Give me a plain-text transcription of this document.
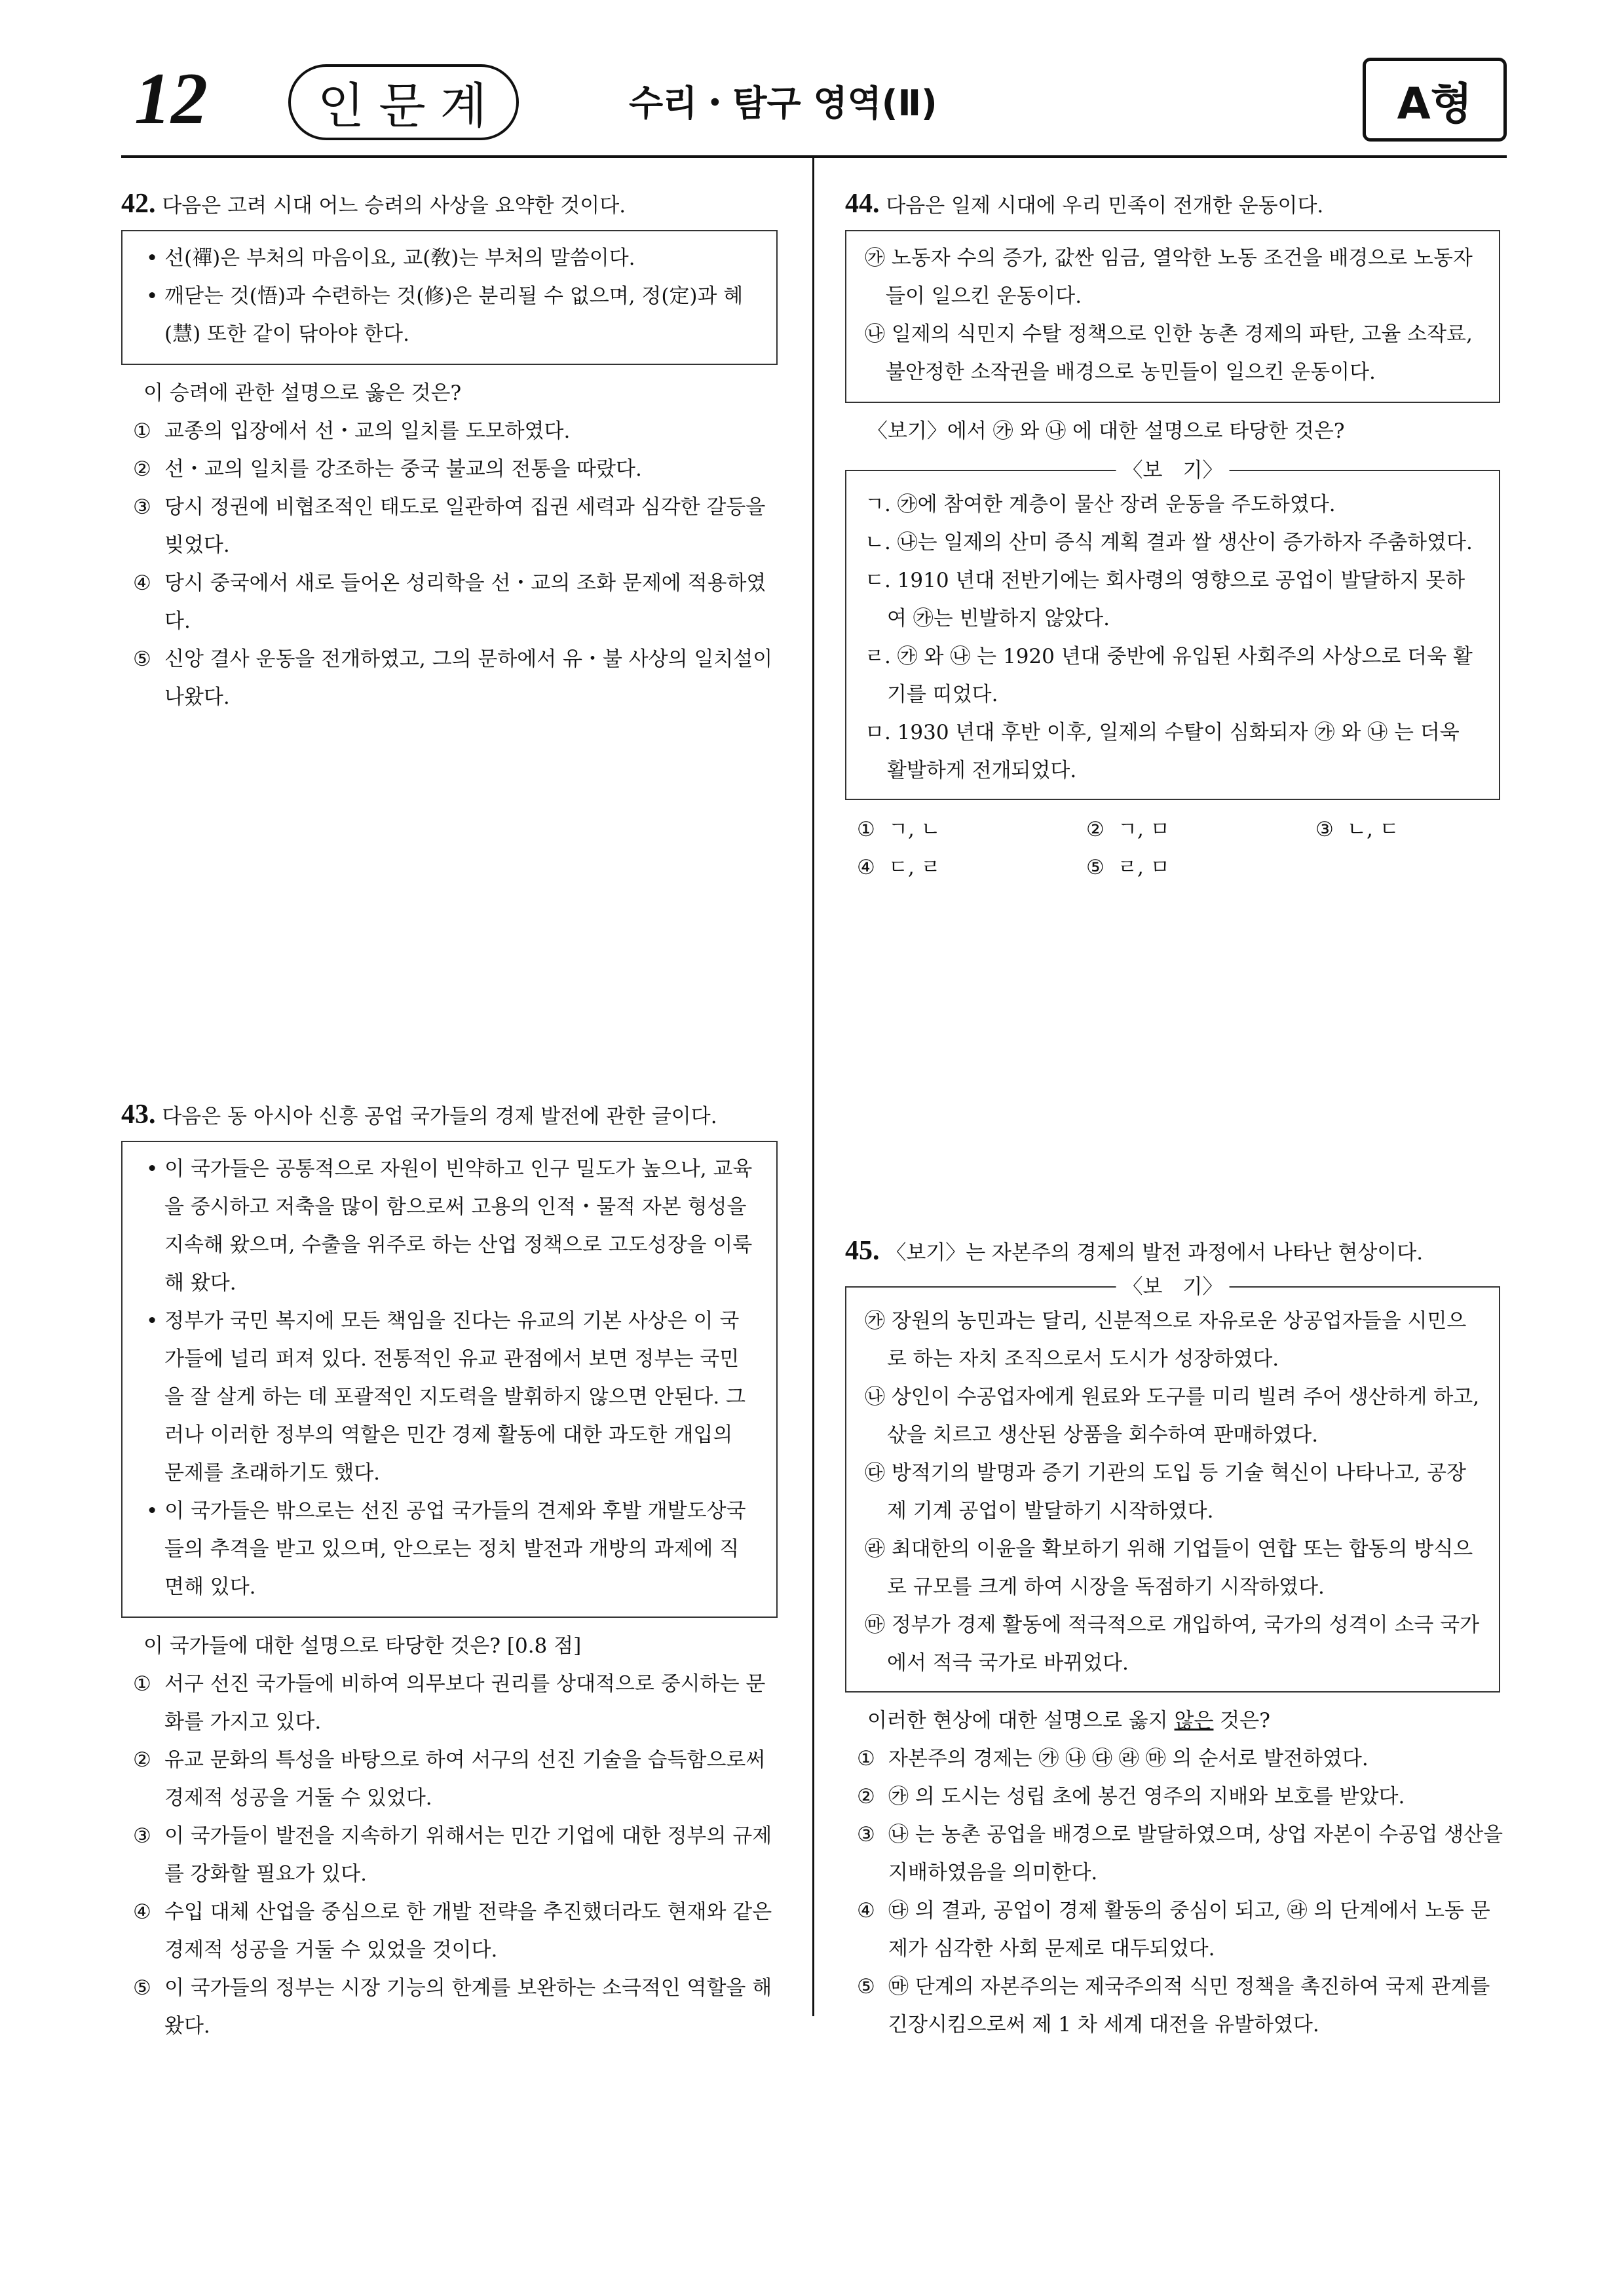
12	인문계	수리・탐구 영역(Ⅱ)	A형
42. 다음은 고려 시대 어느 승려의 사상을 요약한 것이다.
• 선(禪)은 부처의 마음이요, 교(敎)는 부처의 말씀이다.
• 깨닫는 것(悟)과 수련하는 것(修)은 분리될 수 없으며, 정(定)과 혜(慧) 또한 같이 닦아야 한다.
이 승려에 관한 설명으로 옳은 것은?
① 교종의 입장에서 선・교의 일치를 도모하였다.
② 선・교의 일치를 강조하는 중국 불교의 전통을 따랐다.
③ 당시 정권에 비협조적인 태도로 일관하여 집권 세력과 심각한 갈등을 빚었다.
④ 당시 중국에서 새로 들어온 성리학을 선・교의 조화 문제에 적용하였다.
⑤ 신앙 결사 운동을 전개하였고, 그의 문하에서 유・불 사상의 일치설이 나왔다.
43. 다음은 동 아시아 신흥 공업 국가들의 경제 발전에 관한 글이다.
• 이 국가들은 공통적으로 자원이 빈약하고 인구 밀도가 높으나, 교육을 중시하고 저축을 많이 함으로써 고용의 인적・물적 자본 형성을 지속해 왔으며, 수출을 위주로 하는 산업 정책으로 고도성장을 이룩해 왔다.
• 정부가 국민 복지에 모든 책임을 진다는 유교의 기본 사상은 이 국가들에 널리 퍼져 있다. 전통적인 유교 관점에서 보면 정부는 국민을 잘 살게 하는 데 포괄적인 지도력을 발휘하지 않으면 안된다. 그러나 이러한 정부의 역할은 민간 경제 활동에 대한 과도한 개입의 문제를 초래하기도 했다.
• 이 국가들은 밖으로는 선진 공업 국가들의 견제와 후발 개발도상국들의 추격을 받고 있으며, 안으로는 정치 발전과 개방의 과제에 직면해 있다.
이 국가들에 대한 설명으로 타당한 것은? [0.8 점]
① 서구 선진 국가들에 비하여 의무보다 권리를 상대적으로 중시하는 문화를 가지고 있다.
② 유교 문화의 특성을 바탕으로 하여 서구의 선진 기술을 습득함으로써 경제적 성공을 거둘 수 있었다.
③ 이 국가들이 발전을 지속하기 위해서는 민간 기업에 대한 정부의 규제를 강화할 필요가 있다.
④ 수입 대체 산업을 중심으로 한 개발 전략을 추진했더라도 현재와 같은 경제적 성공을 거둘 수 있었을 것이다.
⑤ 이 국가들의 정부는 시장 기능의 한계를 보완하는 소극적인 역할을 해왔다.
44. 다음은 일제 시대에 우리 민족이 전개한 운동이다.
㉮ 노동자 수의 증가, 값싼 임금, 열악한 노동 조건을 배경으로 노동자들이 일으킨 운동이다.
㉯ 일제의 식민지 수탈 정책으로 인한 농촌 경제의 파탄, 고율 소작료, 불안정한 소작권을 배경으로 농민들이 일으킨 운동이다.
〈보기〉에서 ㉮ 와 ㉯ 에 대한 설명으로 타당한 것은?
〈보　기〉
ㄱ. ㉮에 참여한 계층이 물산 장려 운동을 주도하였다.
ㄴ. ㉯는 일제의 산미 증식 계획 결과 쌀 생산이 증가하자 주춤하였다.
ㄷ. 1910 년대 전반기에는 회사령의 영향으로 공업이 발달하지 못하여 ㉮는 빈발하지 않았다.
ㄹ. ㉮ 와 ㉯ 는 1920 년대 중반에 유입된 사회주의 사상으로 더욱 활기를 띠었다.
ㅁ. 1930 년대 후반 이후, 일제의 수탈이 심화되자 ㉮ 와 ㉯ 는 더욱 활발하게 전개되었다.
① ㄱ, ㄴ	② ㄱ, ㅁ	③ ㄴ, ㄷ
④ ㄷ, ㄹ	⑤ ㄹ, ㅁ
45. 〈보기〉는 자본주의 경제의 발전 과정에서 나타난 현상이다.
〈보　기〉
㉮ 장원의 농민과는 달리, 신분적으로 자유로운 상공업자들을 시민으로 하는 자치 조직으로서 도시가 성장하였다.
㉯ 상인이 수공업자에게 원료와 도구를 미리 빌려 주어 생산하게 하고, 삯을 치르고 생산된 상품을 회수하여 판매하였다.
㉰ 방적기의 발명과 증기 기관의 도입 등 기술 혁신이 나타나고, 공장제 기계 공업이 발달하기 시작하였다.
㉱ 최대한의 이윤을 확보하기 위해 기업들이 연합 또는 합동의 방식으로 규모를 크게 하여 시장을 독점하기 시작하였다.
㉲ 정부가 경제 활동에 적극적으로 개입하여, 국가의 성격이 소극 국가에서 적극 국가로 바뀌었다.
이러한 현상에 대한 설명으로 옳지 않은 것은?
① 자본주의 경제는 ㉮ ㉯ ㉰ ㉱ ㉲ 의 순서로 발전하였다.
② ㉮ 의 도시는 성립 초에 봉건 영주의 지배와 보호를 받았다.
③ ㉯ 는 농촌 공업을 배경으로 발달하였으며, 상업 자본이 수공업 생산을 지배하였음을 의미한다.
④ ㉰ 의 결과, 공업이 경제 활동의 중심이 되고, ㉱ 의 단계에서 노동 문제가 심각한 사회 문제로 대두되었다.
⑤ ㉲ 단계의 자본주의는 제국주의적 식민 정책을 촉진하여 국제 관계를 긴장시킴으로써 제 1 차 세계 대전을 유발하였다.
